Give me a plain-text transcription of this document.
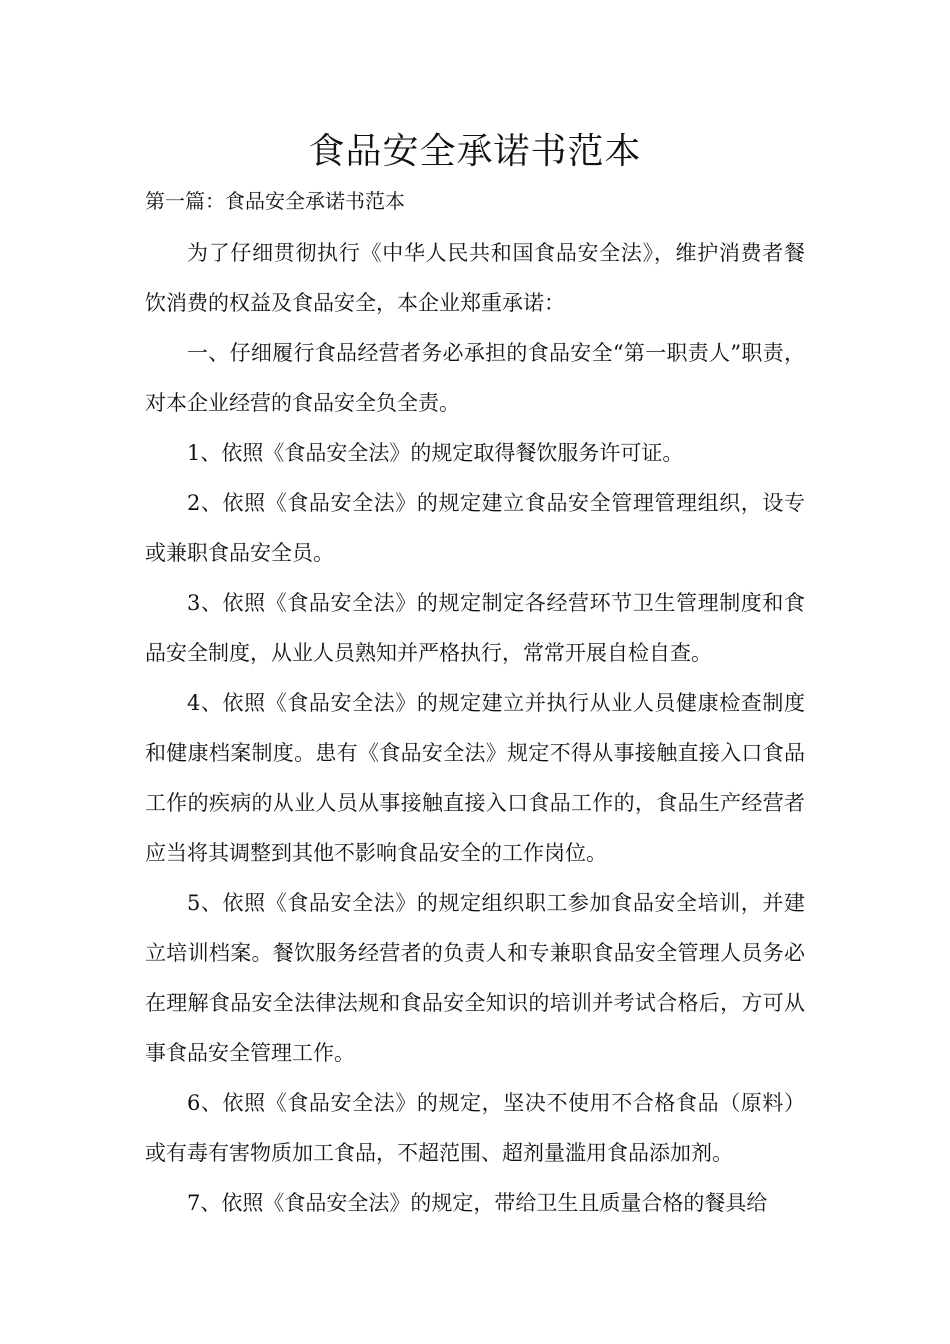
食品安全承诺书范本
第一篇：食品安全承诺书范本

为了仔细贯彻执行《中华人民共和国食品安全法》，维护消费者餐饮消费的权益及食品安全，本企业郑重承诺：

一、仔细履行食品经营者务必承担的食品安全“第一职责人”职责，对本企业经营的食品安全负全责。

1、依照《食品安全法》的规定取得餐饮服务许可证。

2、依照《食品安全法》的规定建立食品安全管理管理组织，设专或兼职食品安全员。

3、依照《食品安全法》的规定制定各经营环节卫生管理制度和食品安全制度，从业人员熟知并严格执行，常常开展自检自查。

4、依照《食品安全法》的规定建立并执行从业人员健康检查制度和健康档案制度。患有《食品安全法》规定不得从事接触直接入口食品工作的疾病的从业人员从事接触直接入口食品工作的，食品生产经营者应当将其调整到其他不影响食品安全的工作岗位。

5、依照《食品安全法》的规定组织职工参加食品安全培训，并建立培训档案。餐饮服务经营者的负责人和专兼职食品安全管理人员务必在理解食品安全法律法规和食品安全知识的培训并考试合格后，方可从事食品安全管理工作。

6、依照《食品安全法》的规定，坚决不使用不合格食品（原料）或有毒有害物质加工食品，不超范围、超剂量滥用食品添加剂。

7、依照《食品安全法》的规定，带给卫生且质量合格的餐具给
